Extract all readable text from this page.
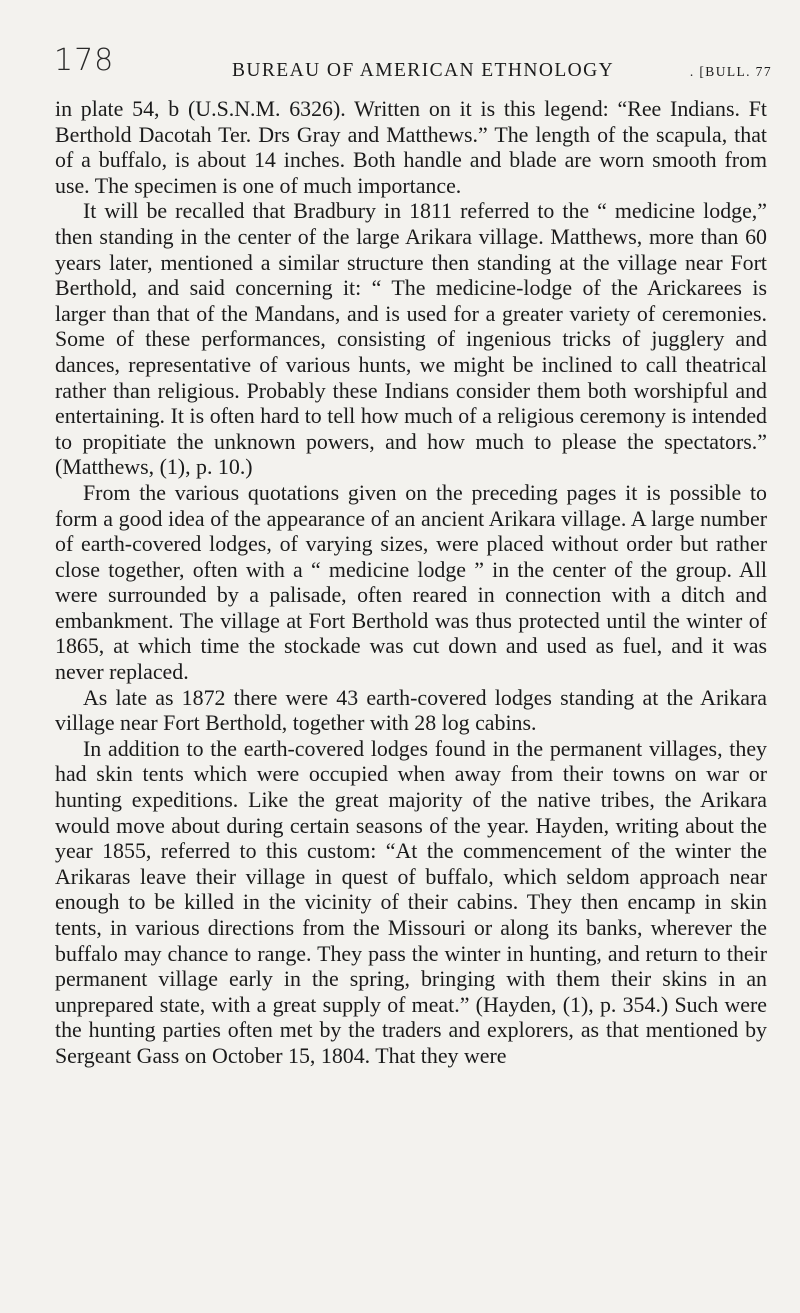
178	BUREAU OF AMERICAN ETHNOLOGY	. [BULL. 77

in plate 54, b (U.S.N.M. 6326). Written on it is this legend: “Ree Indians. Ft Berthold Dacotah Ter. Drs Gray and Matthews.” The length of the scapula, that of a buffalo, is about 14 inches. Both handle and blade are worn smooth from use. The specimen is one of much importance.

It will be recalled that Bradbury in 1811 referred to the “ medicine lodge,” then standing in the center of the large Arikara village. Matthews, more than 60 years later, mentioned a similar structure then standing at the village near Fort Berthold, and said concerning it: “ The medicine-lodge of the Arickarees is larger than that of the Mandans, and is used for a greater variety of ceremonies. Some of these performances, consisting of ingenious tricks of jugglery and dances, representative of various hunts, we might be inclined to call theatrical rather than religious. Probably these Indians consider them both worshipful and entertaining. It is often hard to tell how much of a religious ceremony is intended to propitiate the unknown powers, and how much to please the spectators.” (Matthews, (1), p. 10.)

From the various quotations given on the preceding pages it is possible to form a good idea of the appearance of an ancient Arikara village. A large number of earth-covered lodges, of varying sizes, were placed without order but rather close together, often with a “ medicine lodge ” in the center of the group. All were surrounded by a palisade, often reared in connection with a ditch and embankment. The village at Fort Berthold was thus protected until the winter of 1865, at which time the stockade was cut down and used as fuel, and it was never replaced.

As late as 1872 there were 43 earth-covered lodges standing at the Arikara village near Fort Berthold, together with 28 log cabins.

In addition to the earth-covered lodges found in the permanent villages, they had skin tents which were occupied when away from their towns on war or hunting expeditions. Like the great majority of the native tribes, the Arikara would move about during certain seasons of the year. Hayden, writing about the year 1855, referred to this custom: “At the commencement of the winter the Arikaras leave their village in quest of buffalo, which seldom approach near enough to be killed in the vicinity of their cabins. They then encamp in skin tents, in various directions from the Missouri or along its banks, wherever the buffalo may chance to range. They pass the winter in hunting, and return to their permanent village early in the spring, bringing with them their skins in an unprepared state, with a great supply of meat.” (Hayden, (1), p. 354.) Such were the hunting parties often met by the traders and explorers, as that mentioned by Sergeant Gass on October 15, 1804. That they were
